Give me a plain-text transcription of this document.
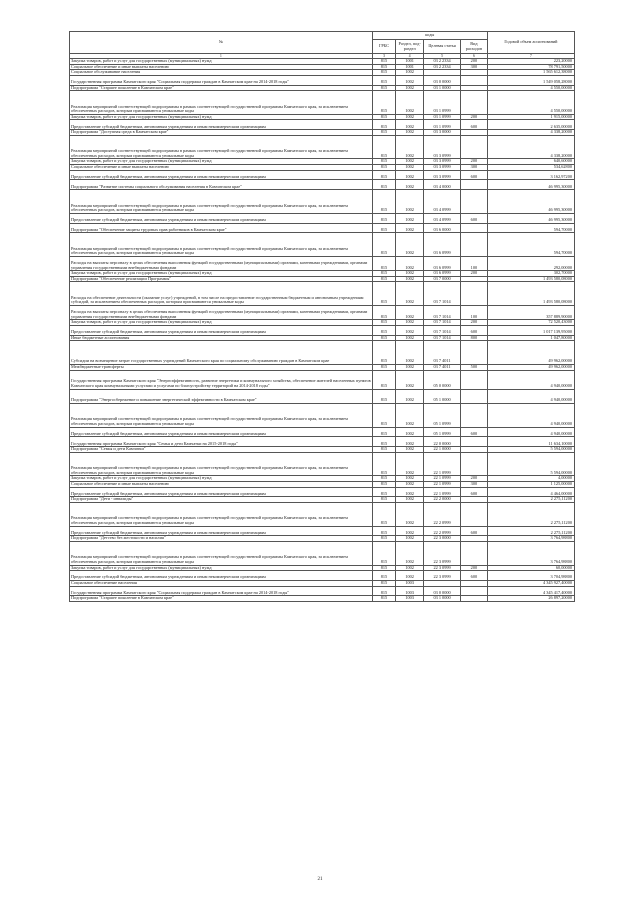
№	коды				Годовой объем ассигнований
	ГРБС	Раздел, под-раздел	Целевая статья	Вид расходов	
1	3	4	5	6	7
Закупка товаров, работ и услуг для государственных (муниципальных) нужд	815	1001	03 2 2334	200	223,20000
Социальное обеспечение и иные выплаты населению	815	1001	03 2 2334	300	78 791,50000
Социальное обслуживание населения	815	1002			1 565 612,38000
Государственная программа Камчатского края "Социальная поддержка граждан в Камчатском крае на 2014-2018 годы"	815	1002	03 0 0000		1 549 058,28000
Подпрограмма "Старшее поколение в Камчатском крае"	815	1002	03 1 0000		4 550,00000
Реализация мероприятий соответствующей подпрограммы в рамках соответствующей государственной программы Камчатского края, за исключением обеспеченных расходов, которым присваиваются уникальные коды	815	1002	03 1 0999		4 550,00000
Закупка товаров, работ и услуг для государственных (муниципальных) нужд	815	1002	03 1 0999	200	1 915,00000
Предоставление субсидий бюджетным, автономным учреждениям и иным некоммерческим организациям	815	1002	03 1 0999	600	2 635,00000
Подпрограмма "Доступная среда в Камчатском крае"	815	1002	03 3 0000		4 338,20000
Реализация мероприятий соответствующей подпрограммы в рамках соответствующей государственной программы Камчатского края, за исключением обеспеченных расходов, которым присваиваются уникальные коды	815	1002	03 3 0999		4 338,20000
Закупка товаров, работ и услуг для государственных (муниципальных) нужд	815	1002	03 3 0999	200	640,60000
Социальное обеспечение и иные выплаты населению	815	1002	03 3 0999	300	534,62800
Предоставление субсидий бюджетным, автономным учреждениям и иным некоммерческим организациям	815	1002	03 3 0999	600	3 162,97200
Подпрограмма "Развитие системы социального обслуживания населения в Камчатском крае"	815	1002	03 4 0000		46 995,30000
Реализация мероприятий соответствующей подпрограммы в рамках соответствующей государственной программы Камчатского края, за исключением обеспеченных расходов, которым присваиваются уникальные коды	815	1002	03 4 0999		46 995,30000
Предоставление субсидий бюджетным, автономным учреждениям и иным некоммерческим организациям	815	1002	03 4 0999	600	46 995,30000
Подпрограмма "Обеспечение защиты трудовых прав работников в Камчатском крае"	815	1002	03 6 0000		594,70000
Реализация мероприятий соответствующей подпрограммы в рамках соответствующей государственной программы Камчатского края, за исключением обеспеченных расходов, которым присваиваются уникальные коды	815	1002	03 6 0999		594,70000
Расходы на выплаты персоналу в целях обеспечения выполнения функций государственными (муниципальными) органами, казенными учреждениями, органами управления государственными внебюджетными фондами	815	1002	03 6 0999	100	292,00000
Закупка товаров, работ и услуг для государственных (муниципальных) нужд	815	1002	03 6 0999	200	302,70000
Подпрограмма "Обеспечение реализации Программы"	815	1002	03 7 0000		1 493 580,08000
Расходы на обеспечение деятельности (оказание услуг) учреждений, в том числе на предоставление государственным бюджетным и автономным учреждениям субсидий, за исключением обеспеченных расходов, которым присваиваются уникальные коды	815	1002	03 7 1014		1 493 580,08000
Расходы на выплаты персоналу в целях обеспечения выполнения функций государственными (муниципальными) органами, казенными учреждениями, органами управления государственными внебюджетными фондами	815	1002	03 7 1014	100	357 889,90000
Закупка товаров, работ и услуг для государственных (муниципальных) нужд	815	1002	03 7 1014	200	72 520,43000
Предоставление субсидий бюджетным, автономным учреждениям и иным некоммерческим организациям	815	1002	03 7 1014	600	1 017 139,95000
Иные бюджетные ассигнования	815	1002	03 7 1014	800	1 047,80000
Субсидии на возмещение затрат государственных учреждений Камчатского края по социальному обслуживанию граждан в Камчатском крае	815	1002	03 7 4011		49 962,00000
Межбюджетные трансферты	815	1002	03 7 4011	500	49 962,00000
Государственная программа Камчатского края "Энергоэффективность, развитие энергетики и коммунального хозяйства, обеспечение жителей населенных пунктов Камчатского края коммунальными услугами и услугами по благоустройству территорий на 2014-2018 годы"	815	1002	05 0 0000		4 940,00000
Подпрограмма "Энергосбережение и повышение энергетической эффективности в Камчатском крае"	815	1002	05 1 0000		4 940,00000
Реализация мероприятий соответствующей подпрограммы в рамках соответствующей государственной программы Камчатского края, за исключением обеспеченных расходов, которым присваиваются уникальные коды	815	1002	05 1 0999		4 940,00000
Предоставление субсидий бюджетным, автономным учреждениям и иным некоммерческим организациям	815	1002	05 1 0999	600	4 940,00000
Государственная программа Камчатского края "Семья и дети Камчатки на 2015-2018 годы"	815	1002	22 0 0000		11 634,10000
Подпрограмма "Семья и дети Камчатки"	815	1002	22 1 0000		5 594,00000
Реализация мероприятий соответствующей подпрограммы в рамках соответствующей государственной программы Камчатского края, за исключением обеспеченных расходов, которым присваиваются уникальные коды	815	1002	22 1 0999		5 594,00000
Закупка товаров, работ и услуг для государственных (муниципальных) нужд	815	1002	22 1 0999	200	4,00000
Социальное обеспечение и иные выплаты населению	815	1002	22 1 0999	300	1 125,00000
Предоставление субсидий бюджетным, автономным учреждениям и иным некоммерческим организациям	815	1002	22 1 0999	600	4 464,00000
Подпрограмма "Дети - инвалиды"	815	1002	22 2 0000		2 275,11200
Реализация мероприятий соответствующей подпрограммы в рамках соответствующей государственной программы Камчатского края, за исключением обеспеченных расходов, которым присваиваются уникальные коды	815	1002	22 2 0999		2 275,11200
Предоставление субсидий бюджетным, автономным учреждениям и иным некоммерческим организациям	815	1002	22 2 0999	600	2 275,11200
Подпрограмма "Детство без жестокости и насилия"	815	1002	22 3 0000		3 764,98800
Реализация мероприятий соответствующей подпрограммы в рамках соответствующей государственной программы Камчатского края, за исключением обеспеченных расходов, которым присваиваются уникальные коды	815	1002	22 3 0999		3 764,98800
Закупка товаров, работ и услуг для государственных (муниципальных) нужд	815	1002	22 3 0999	200	60,00000
Предоставление субсидий бюджетным, автономным учреждениям и иным некоммерческим организациям	815	1002	22 3 0999	600	3 704,98800
Социальное обеспечение населения	815	1003			4 345 927,40000
Государственная программа Камчатского края "Социальная поддержка граждан в Камчатском крае на 2014-2018 годы"	815	1003	03 0 0000		4 345 417,40000
Подпрограмма "Старшее поколение в Камчатском крае"	815	1003	03 1 0000		26 897,20000
21
